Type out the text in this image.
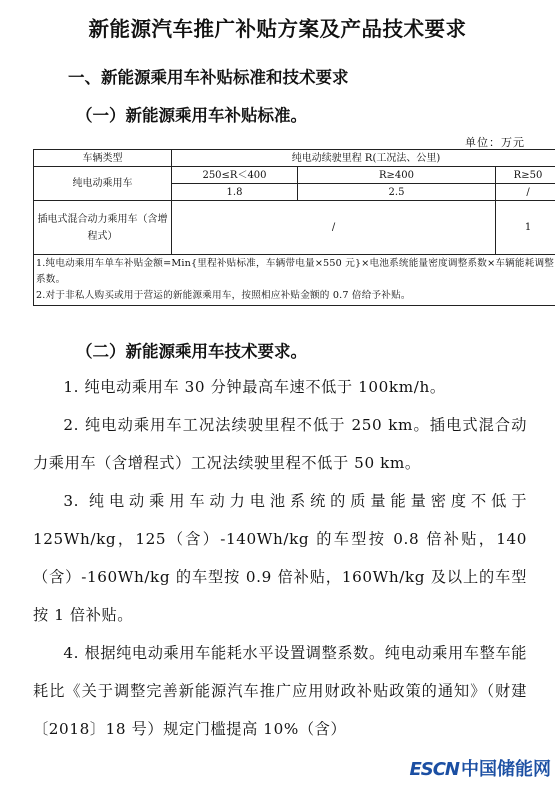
新能源汽车推广补贴方案及产品技术要求
一、新能源乘用车补贴标准和技术要求
（一）新能源乘用车补贴标准。
单位：万元
车辆类型	纯电动续驶里程 R(工况法、公里)		
纯电动乘用车	250≤R＜400	R≥400	R≥50
	1.8	2.5	/
插电式混合动力乘用车（含增程式）	/		1

1.纯电动乘用车单车补贴金额=Min{里程补贴标准，车辆带电量×550 元}×电池系统能量密度调整系数×车辆能耗调整系数。
2.对于非私人购买或用于营运的新能源乘用车，按照相应补贴金额的 0.7 倍给予补贴。			
（二）新能源乘用车技术要求。

1. 纯电动乘用车 30 分钟最高车速不低于 100km/h。

2. 纯电动乘用车工况法续驶里程不低于 250 km。插电式混合动力乘用车（含增程式）工况法续驶里程不低于 50 km。

3. 纯电动乘用车动力电池系统的质量能量密度不低于 125Wh/kg，125（含）-140Wh/kg 的车型按 0.8 倍补贴，140（含）-160Wh/kg 的车型按 0.9 倍补贴，160Wh/kg 及以上的车型按 1 倍补贴。

4. 根据纯电动乘用车能耗水平设置调整系数。纯电动乘用车整车能耗比《关于调整完善新能源汽车推广应用财政补贴政策的通知》（财建〔2018〕18 号）规定门槛提高 10%（含）

ESCN 中国储能网
